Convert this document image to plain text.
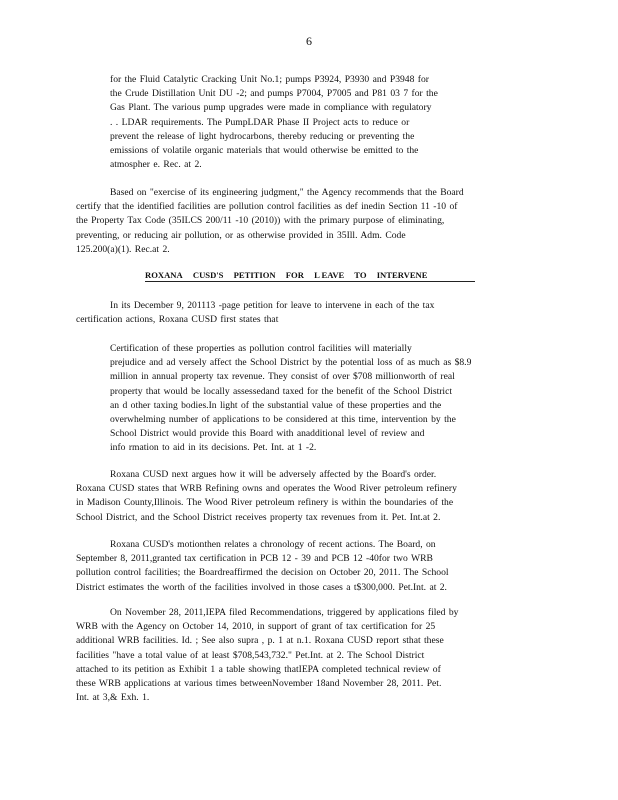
6
for the Fluid Catalytic Cracking Unit No.1; pumps P3924, P3930 and P3948 for
the Crude Distillation Unit DU -2; and pumps P7004, P7005 and P81 03 7 for the
Gas Plant. The various pump upgrades were made in compliance with regulatory
. . LDAR requirements. The PumpLDAR Phase II Project acts to reduce or
prevent the release of light hydrocarbons, thereby reducing or preventing the
emissions of volatile organic materials that would otherwise be emitted to the
atmospher e. Rec. at 2.
Based on "exercise of its engineering judgment," the Agency recommends that the Board
certify that the identified facilities are pollution control facilities as def inedin Section 11 -10 of
the Property Tax Code (35ILCS 200/11 -10 (2010)) with the primary purpose of eliminating,
preventing, or reducing air pollution, or as otherwise provided in 35Ill. Adm. Code
125.200(a)(1). Rec.at 2.
ROXANA CUSD'S PETITION FOR L EAVE TO INTERVENE
In its December 9, 201113 -page petition for leave to intervene in each of the tax
certification actions, Roxana CUSD first states that
Certification of these properties as pollution control facilities will materially
prejudice and ad versely affect the School District by the potential loss of as much as $8.9
million in annual property tax revenue. They consist of over $708 millionworth of real
property that would be locally assessedand taxed for the benefit of the School District
an d other taxing bodies.In light of the substantial value of these properties and the
overwhelming number of applications to be considered at this time, intervention by the
School District would provide this Board with anadditional level of review and
info rmation to aid in its decisions. Pet. Int. at 1 -2.
Roxana CUSD next argues how it will be adversely affected by the Board's order.
Roxana CUSD states that WRB Refining owns and operates the Wood River petroleum refinery
in Madison County,Illinois. The Wood River petroleum refinery is within the boundaries of the
School District, and the School District receives property tax revenues from it. Pet. Int.at 2.
Roxana CUSD's motionthen relates a chronology of recent actions. The Board, on
September 8, 2011,granted tax certification in PCB 12 - 39 and PCB 12 -40for two WRB
pollution control facilities; the Boardreaffirmed the decision on October 20, 2011. The School
District estimates the worth of the facilities involved in those cases a t$300,000. Pet.Int. at 2.
On November 28, 2011,IEPA filed Recommendations, triggered by applications filed by
WRB with the Agency on October 14, 2010, in support of grant of tax certification for 25
additional WRB facilities. Id. ; See also supra , p. 1 at n.1. Roxana CUSD report sthat these
facilities "have a total value of at least $708,543,732." Pet.Int. at 2. The School District
attached to its petition as Exhibit 1 a table showing thatIEPA completed technical review of
these WRB applications at various times betweenNovember 18and November 28, 2011. Pet.
Int. at 3,& Exh. 1.
